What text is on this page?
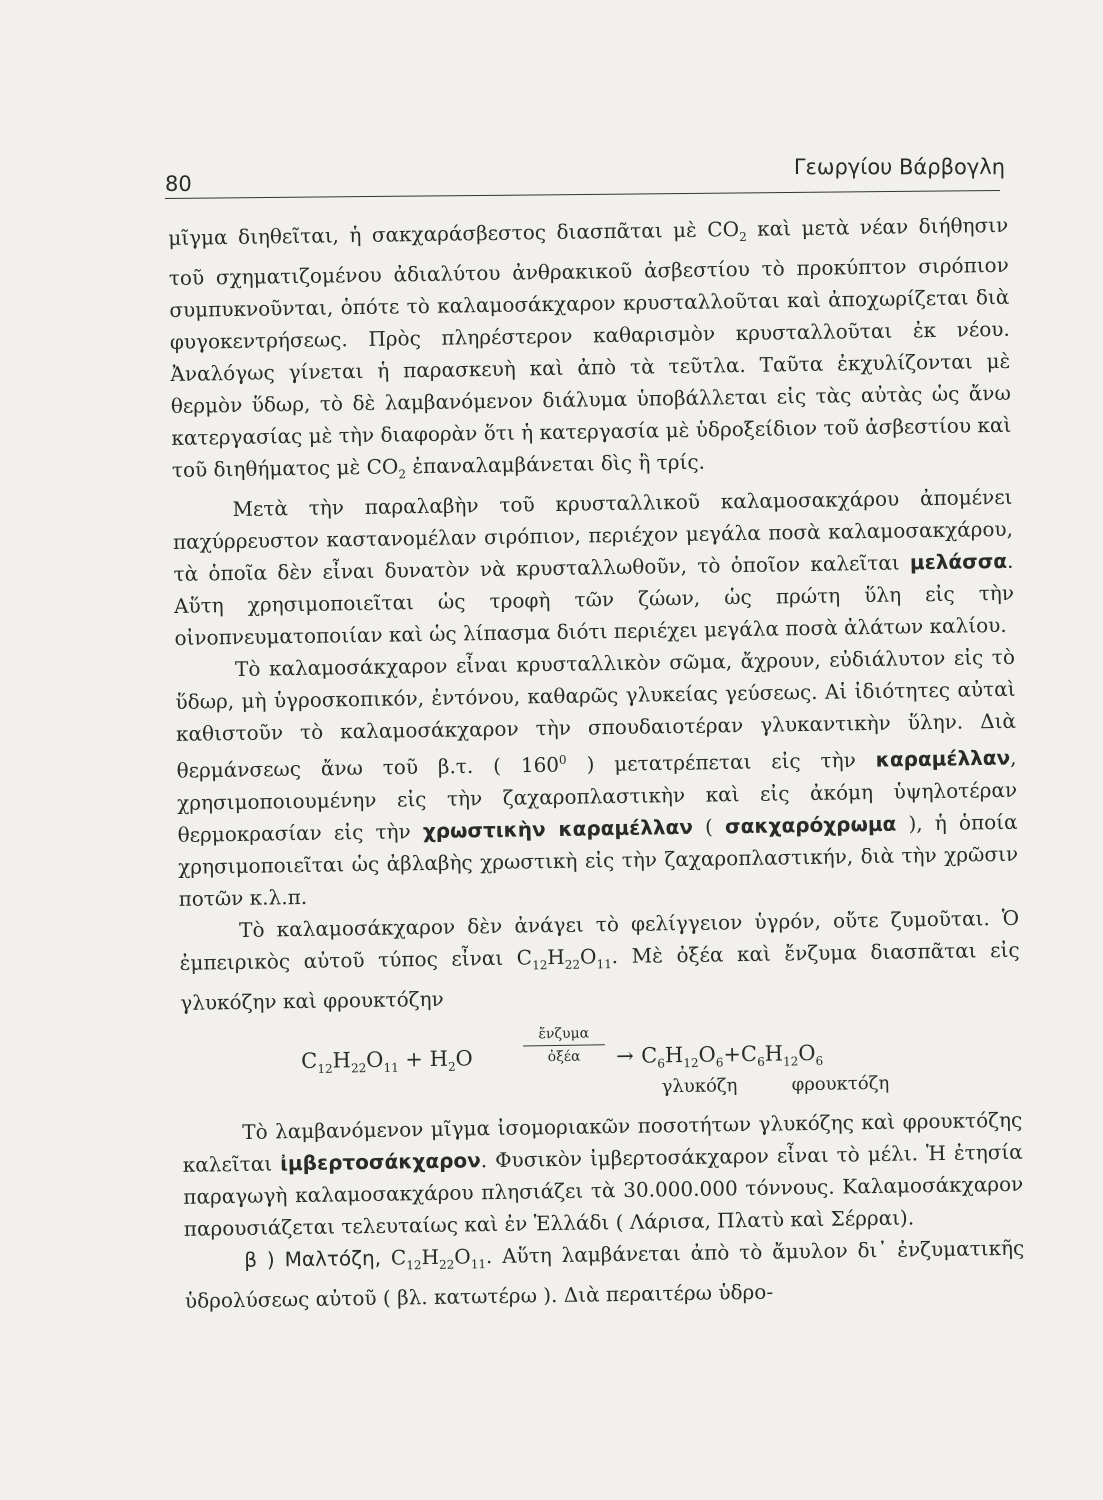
80
Γεωργίου Βάρβογλη

μῖγμα διηθεῖται, ἡ σακχαράσβεστος διασπᾶται μὲ $CO_2$ καὶ μετὰ νέαν διήθησιν τοῦ σχηματιζομένου ἀδιαλύτου ἀνθρακικοῦ ἀσβεστίου τὸ προκύπτον σιρόπιον συμπυκνοῦνται, ὁπότε τὸ καλαμοσάκχαρον κρυσταλλοῦται καὶ ἀποχωρίζεται διὰ φυγοκεντρήσεως. Πρὸς πληρέστερον καθαρισμὸν κρυσταλλοῦται ἐκ νέου. Ἀναλόγως γίνεται ἡ παρασκευὴ καὶ ἀπὸ τὰ τεῦτλα. Ταῦτα ἐκχυλίζονται μὲ θερμὸν ὕδωρ, τὸ δὲ λαμβανόμενον διάλυμα ὑποβάλλεται εἰς τὰς αὐτὰς ὡς ἄνω κατεργασίας μὲ τὴν διαφορὰν ὅτι ἡ κατεργασία μὲ ὑδροξείδιον τοῦ ἀσβεστίου καὶ τοῦ διηθήματος μὲ $CO_2$ ἐπαναλαμβάνεται δὶς ἢ τρίς.

Μετὰ τὴν παραλαβὴν τοῦ κρυσταλλικοῦ καλαμοσακχάρου ἀπομένει παχύρρευστον καστανομέλαν σιρόπιον, περιέχον μεγάλα ποσὰ καλαμοσακχάρου, τὰ ὁποῖα δὲν εἶναι δυνατὸν νὰ κρυσταλλωθοῦν, τὸ ὁποῖον καλεῖται μελάσσα. Αὕτη χρησιμοποιεῖται ὡς τροφὴ τῶν ζώων, ὡς πρώτη ὕλη εἰς τὴν οἰνοπνευματοποιίαν καὶ ὡς λίπασμα διότι περιέχει μεγάλα ποσὰ ἀλάτων καλίου.

Τὸ καλαμοσάκχαρον εἶναι κρυσταλλικὸν σῶμα, ἄχρουν, εὐδιάλυτον εἰς τὸ ὕδωρ, μὴ ὑγροσκοπικόν, ἐντόνου, καθαρῶς γλυκείας γεύσεως. Αἱ ἰδιότητες αὐταὶ καθιστοῦν τὸ καλαμοσάκχαρον τὴν σπουδαιοτέραν γλυκαντικὴν ὕλην. Διὰ θερμάνσεως ἄνω τοῦ β.τ. ( $160^0$ ) μετατρέπεται εἰς τὴν καραμέλλαν, χρησιμοποιουμένην εἰς τὴν ζαχαροπλαστικὴν καὶ εἰς ἀκόμη ὑψηλοτέραν θερμοκρασίαν εἰς τὴν χρωστικὴν καραμέλλαν ( σακχαρόχρωμα ), ἡ ὁποία χρησιμοποιεῖται ὡς ἀβλαβὴς χρωστικὴ εἰς τὴν ζαχαροπλαστικήν, διὰ τὴν χρῶσιν ποτῶν κ.λ.π.

Τὸ καλαμοσάκχαρον δὲν ἀνάγει τὸ φελίγγειον ὑγρόν, οὔτε ζυμοῦται. Ὁ ἐμπειρικὸς αὐτοῦ τύπος εἶναι $C_{12}H_{22}O_{11}$. Μὲ ὀξέα καὶ ἔνζυμα διασπᾶται εἰς γλυκόζην καὶ φρουκτόζην

$C_{12}H_{22}O_{11} + H_2O$
ἔνζυμα
ὀξέα	→ $C_6H_{12}O_6+C_6H_{12}O_6$
γλυκόζη	φρουκτόζη

Τὸ λαμβανόμενον μῖγμα ἰσομοριακῶν ποσοτήτων γλυκόζης καὶ φρουκτόζης καλεῖται ἰμβερτοσάκχαρον. Φυσικὸν ἰμβερτοσάκχαρον εἶναι τὸ μέλι. Ἡ ἐτησία παραγωγὴ καλαμοσακχάρου πλησιάζει τὰ 30.000.000 τόννους. Καλαμοσάκχαρον παρουσιάζεται τελευταίως καὶ ἐν Ἑλλάδι ( Λάρισα, Πλατὺ καὶ Σέρραι).

β ) Μαλτόζη, $C_{12}H_{22}O_{11}$. Αὕτη λαμβάνεται ἀπὸ τὸ ἄμυλον δι᾽ ἐνζυματικῆς ὑδρολύσεως αὐτοῦ ( βλ. κατωτέρω ). Διὰ περαιτέρω ὑδρο-
